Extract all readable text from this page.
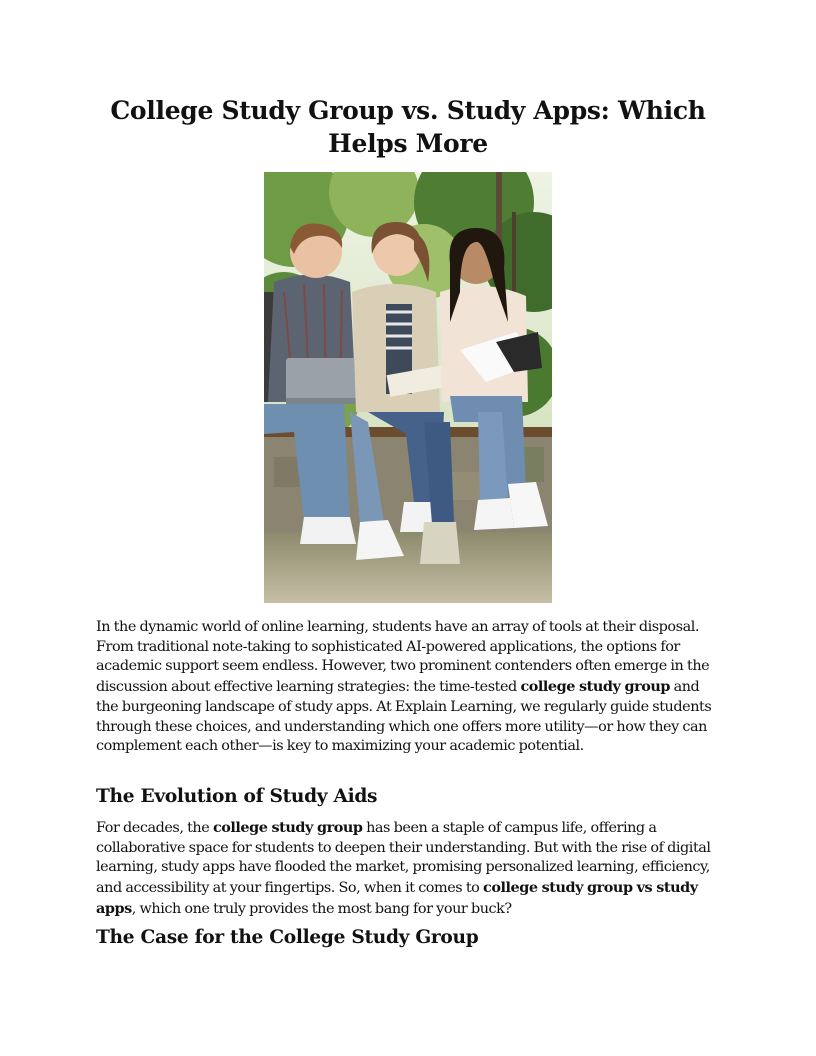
College Study Group vs. Study Apps: Which Helps More

In the dynamic world of online learning, students have an array of tools at their disposal. From traditional note-taking to sophisticated AI-powered applications, the options for academic support seem endless. However, two prominent contenders often emerge in the discussion about effective learning strategies: the time-tested college study group and the burgeoning landscape of study apps. At Explain Learning, we regularly guide students through these choices, and understanding which one offers more utility—or how they can complement each other—is key to maximizing your academic potential.

The Evolution of Study Aids

For decades, the college study group has been a staple of campus life, offering a collaborative space for students to deepen their understanding. But with the rise of digital learning, study apps have flooded the market, promising personalized learning, efficiency, and accessibility at your fingertips. So, when it comes to college study group vs study apps, which one truly provides the most bang for your buck?

The Case for the College Study Group
